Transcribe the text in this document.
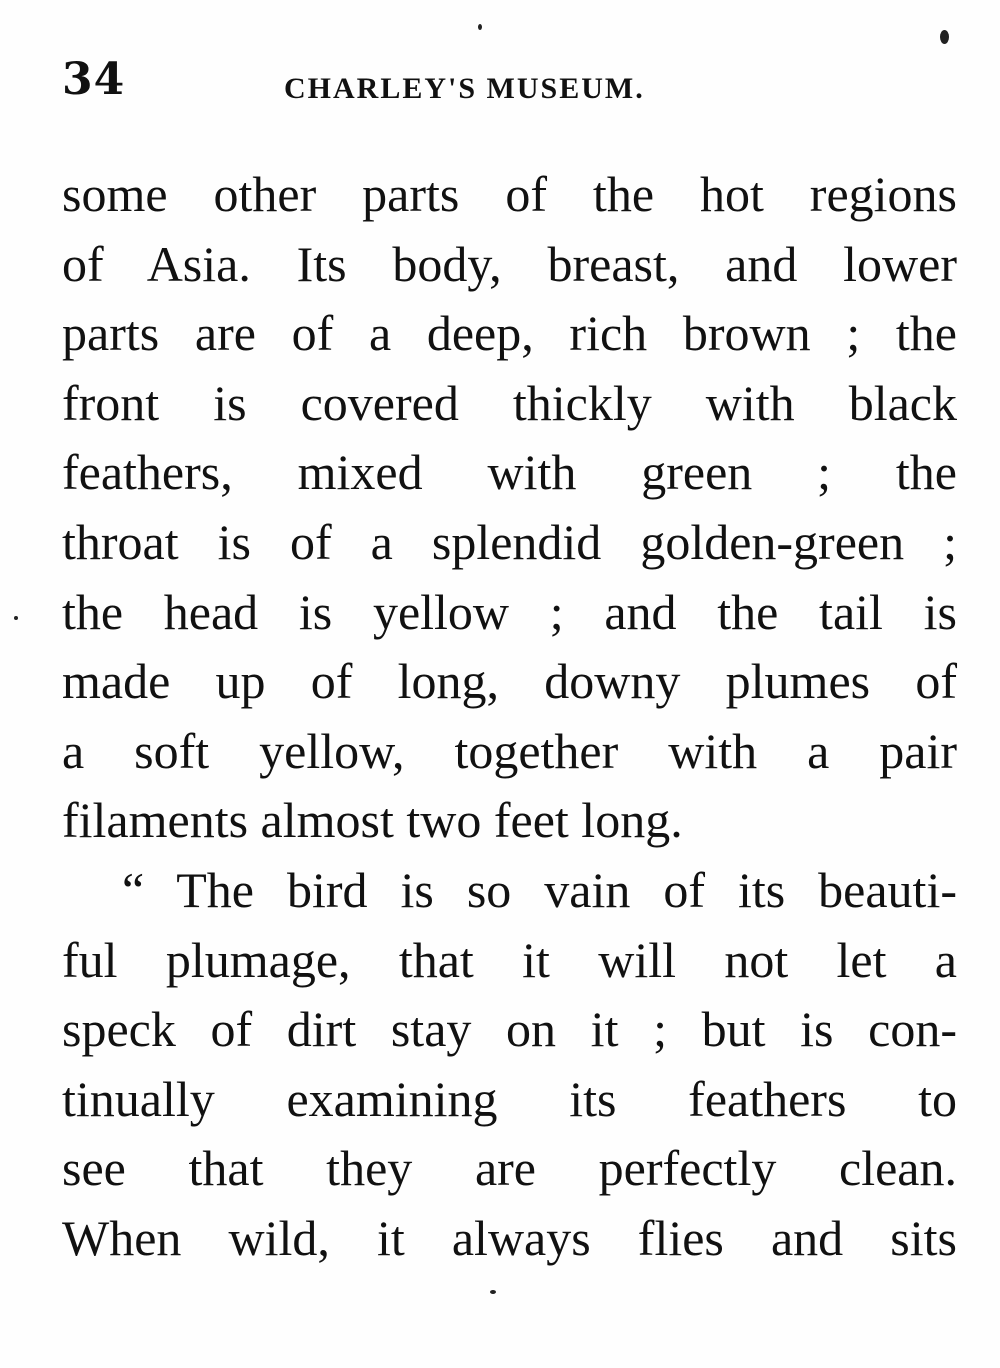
34	CHARLEY'S MUSEUM.
some other parts of the hot regions
of Asia. Its body, breast, and lower
parts are of a deep, rich brown ; the
front is covered thickly with black
feathers, mixed with green ; the
throat is of a splendid golden-green ;
the head is yellow ; and the tail is
made up of long, downy plumes of
a soft yellow, together with a pair
filaments almost two feet long.
“ The bird is so vain of its beauti-
ful plumage, that it will not let a
speck of dirt stay on it ; but is con-
tinually examining its feathers to
see that they are perfectly clean.
When wild, it always flies and sits
